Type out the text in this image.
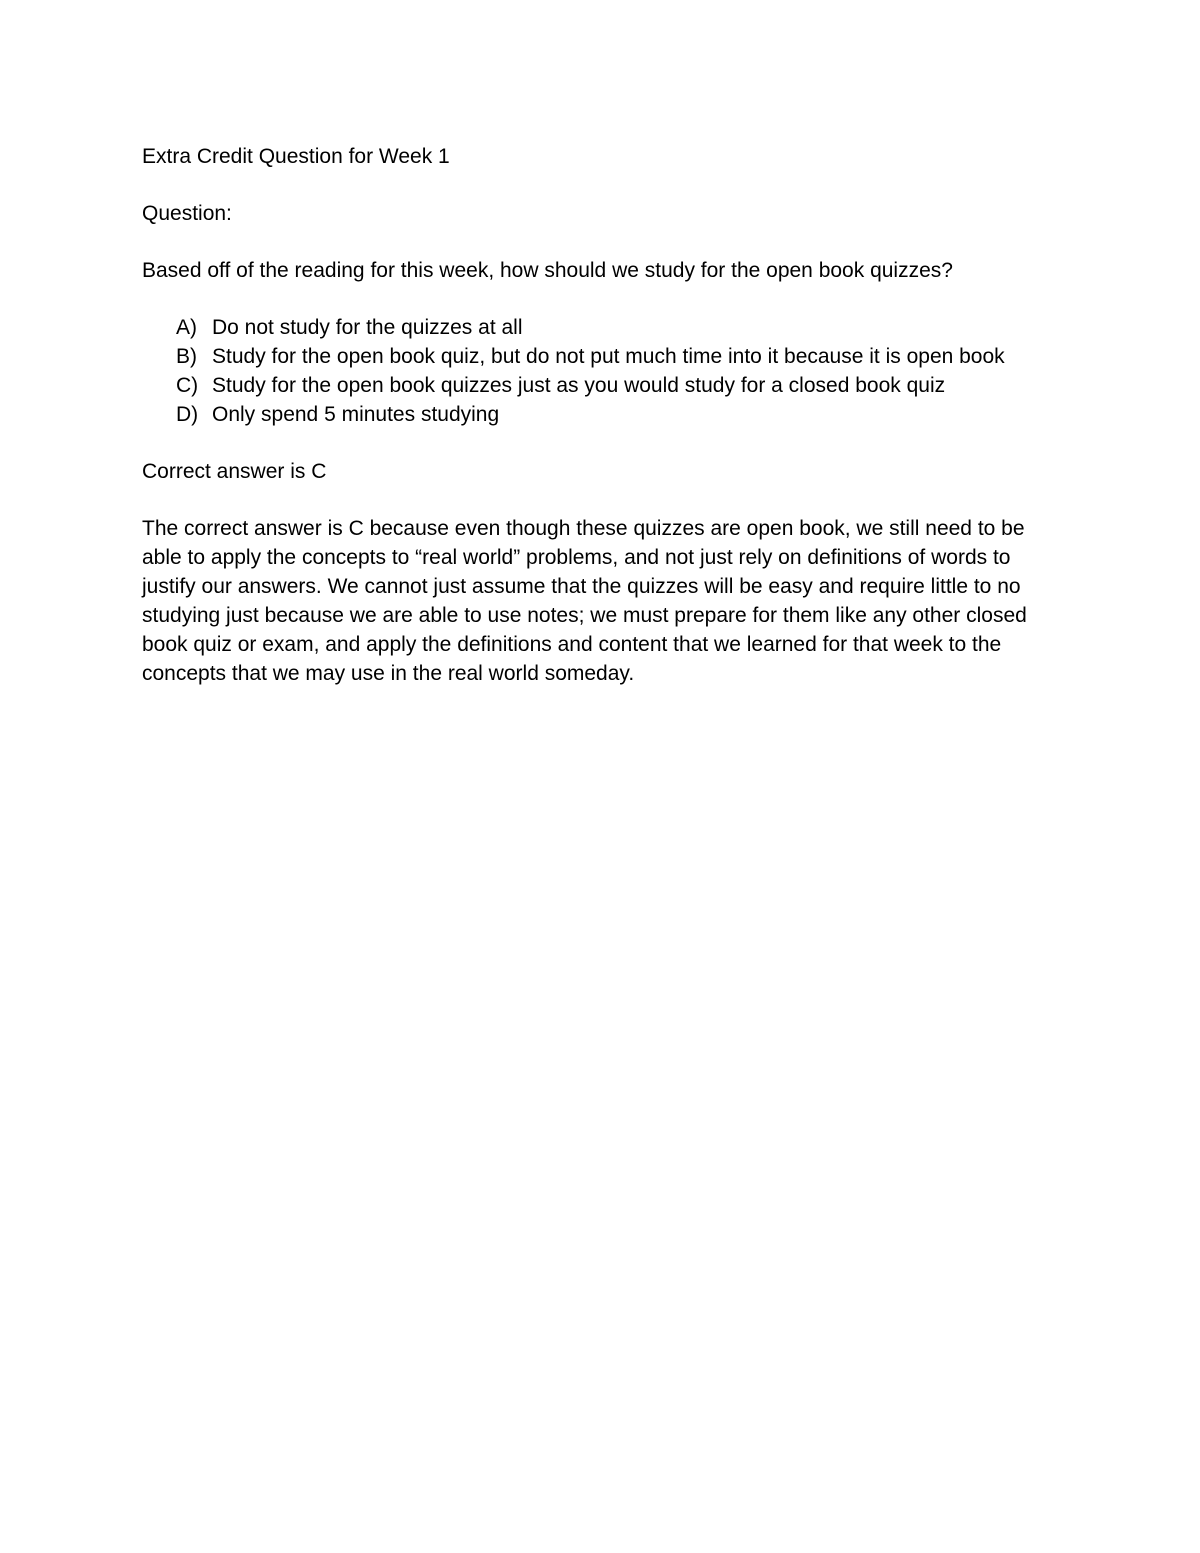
Extra Credit Question for Week 1

Question:

Based off of the reading for this week, how should we study for the open book quizzes?

A) Do not study for the quizzes at all
B) Study for the open book quiz, but do not put much time into it because it is open book
C) Study for the open book quizzes just as you would study for a closed book quiz
D) Only spend 5 minutes studying

Correct answer is C

The correct answer is C because even though these quizzes are open book, we still need to be able to apply the concepts to “real world” problems, and not just rely on definitions of words to justify our answers. We cannot just assume that the quizzes will be easy and require little to no studying just because we are able to use notes; we must prepare for them like any other closed book quiz or exam, and apply the definitions and content that we learned for that week to the concepts that we may use in the real world someday.
